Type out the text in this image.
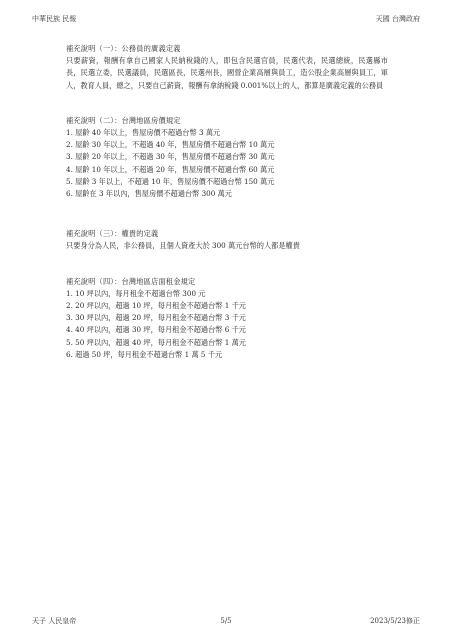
中華民族 民報	天國 台灣政府

補充說明（一）：公務員的廣義定義

只要薪資，報酬有拿自己國家人民納稅錢的人，即包含民選官員，民選代表，民選總統，民選縣市長，民選立委，民選議員，民選區長，民選州長，國營企業高層與員工，造公股企業高層與員工，軍人，教育人員，總之，只要自己薪資，報酬有拿納稅錢 0.001%以上的人，都算是廣義定義的公務員

補充說明（二）：台灣地區房價規定

1. 屋齡 40 年以上，售屋房價不超過台幣 3 萬元
2. 屋齡 30 年以上，不超過 40 年，售屋房價不超過台幣 10 萬元
3. 屋齡 20 年以上，不超過 30 年，售屋房價不超過台幣 30 萬元
4. 屋齡 10 年以上，不超過 20 年，售屋房價不超過台幣 60 萬元
5. 屋齡 3 年以上，不超過 10 年，售屋房價不超過台幣 150 萬元
6. 屋齡在 3 年以內，售屋房價不超過台幣 300 萬元

補充說明（三）：權貴的定義

只要身分為人民，非公務員，且個人資產大於 300 萬元台幣的人都是權貴

補充說明（四）：台灣地區店面租金規定

1. 10 坪以內，每月租金不超過台幣 300 元
2. 20 坪以內，超過 10 坪，每月租金不超過台幣 1 千元
3. 30 坪以內，超過 20 坪，每月租金不超過台幣 3 千元
4. 40 坪以內，超過 30 坪，每月租金不超過台幣 6 千元
5. 50 坪以內，超過 40 坪，每月租金不超過台幣 1 萬元
6. 超過 50 坪，每月租金不超過台幣 1 萬 5 千元
天子 人民皇帝	5/5	2023/5/23修正
